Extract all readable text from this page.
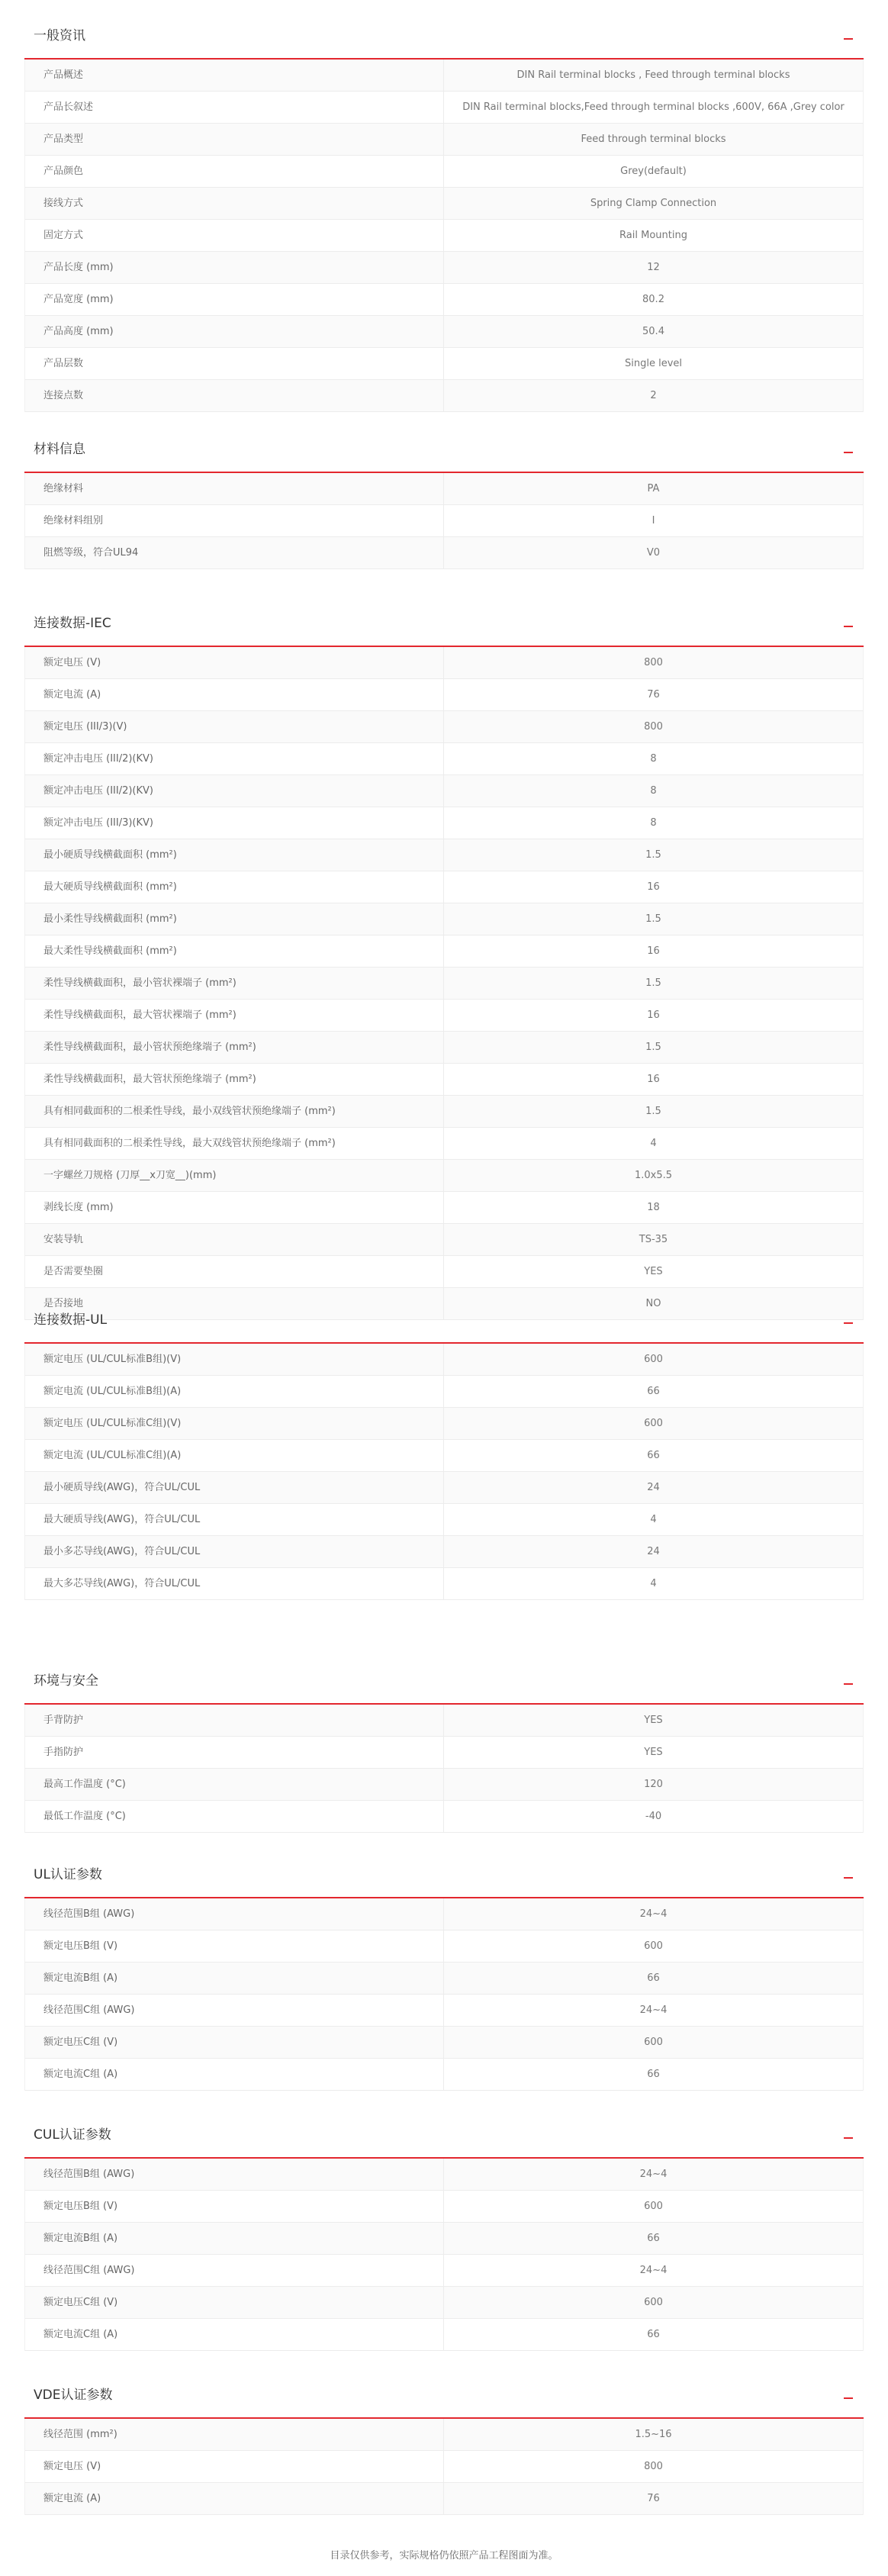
一般资讯
产品概述	DIN Rail terminal blocks , Feed through terminal blocks
产品长叙述	DIN Rail terminal blocks,Feed through terminal blocks ,600V, 66A ,Grey color
产品类型	Feed through terminal blocks
产品颜色	Grey(default)
接线方式	Spring Clamp Connection
固定方式	Rail Mounting
产品长度 (mm)	12
产品宽度 (mm)	80.2
产品高度 (mm)	50.4
产品层数	Single level
连接点数	2
材料信息
绝缘材料	PA
绝缘材料组别	I
阻燃等级，符合UL94	V0
连接数据-IEC
额定电压 (V)	800
额定电流 (A)	76
额定电压 (III/3)(V)	800
额定冲击电压 (III/2)(KV)	8
额定冲击电压 (III/2)(KV)	8
额定冲击电压 (III/3)(KV)	8
最小硬质导线横截面积 (mm²)	1.5
最大硬质导线横截面积 (mm²)	16
最小柔性导线横截面积 (mm²)	1.5
最大柔性导线横截面积 (mm²)	16
柔性导线横截面积，最小管状裸端子 (mm²)	1.5
柔性导线横截面积，最大管状裸端子 (mm²)	16
柔性导线横截面积，最小管状预绝缘端子 (mm²)	1.5
柔性导线横截面积，最大管状预绝缘端子 (mm²)	16
具有相同截面积的二根柔性导线，最小双线管状预绝缘端子 (mm²)	1.5
具有相同截面积的二根柔性导线，最大双线管状预绝缘端子 (mm²)	4
一字螺丝刀规格 (刀厚__x刀宽__)(mm)	1.0x5.5
剥线长度 (mm)	18
安装导轨	TS-35
是否需要垫圈	YES
是否接地	NO
连接数据-UL
额定电压 (UL/CUL标准B组)(V)	600
额定电流 (UL/CUL标准B组)(A)	66
额定电压 (UL/CUL标准C组)(V)	600
额定电流 (UL/CUL标准C组)(A)	66
最小硬质导线(AWG)，符合UL/CUL	24
最大硬质导线(AWG)，符合UL/CUL	4
最小多芯导线(AWG)，符合UL/CUL	24
最大多芯导线(AWG)，符合UL/CUL	4
环境与安全
手背防护	YES
手指防护	YES
最高工作温度 (°C)	120
最低工作温度 (°C)	-40
UL认证参数
线径范围B组 (AWG)	24~4
额定电压B组 (V)	600
额定电流B组 (A)	66
线径范围C组 (AWG)	24~4
额定电压C组 (V)	600
额定电流C组 (A)	66
CUL认证参数
线径范围B组 (AWG)	24~4
额定电压B组 (V)	600
额定电流B组 (A)	66
线径范围C组 (AWG)	24~4
额定电压C组 (V)	600
额定电流C组 (A)	66
VDE认证参数
线径范围 (mm²)	1.5~16
额定电压 (V)	800
额定电流 (A)	76
目录仅供参考，实际规格仍依照产品工程图面为准。
